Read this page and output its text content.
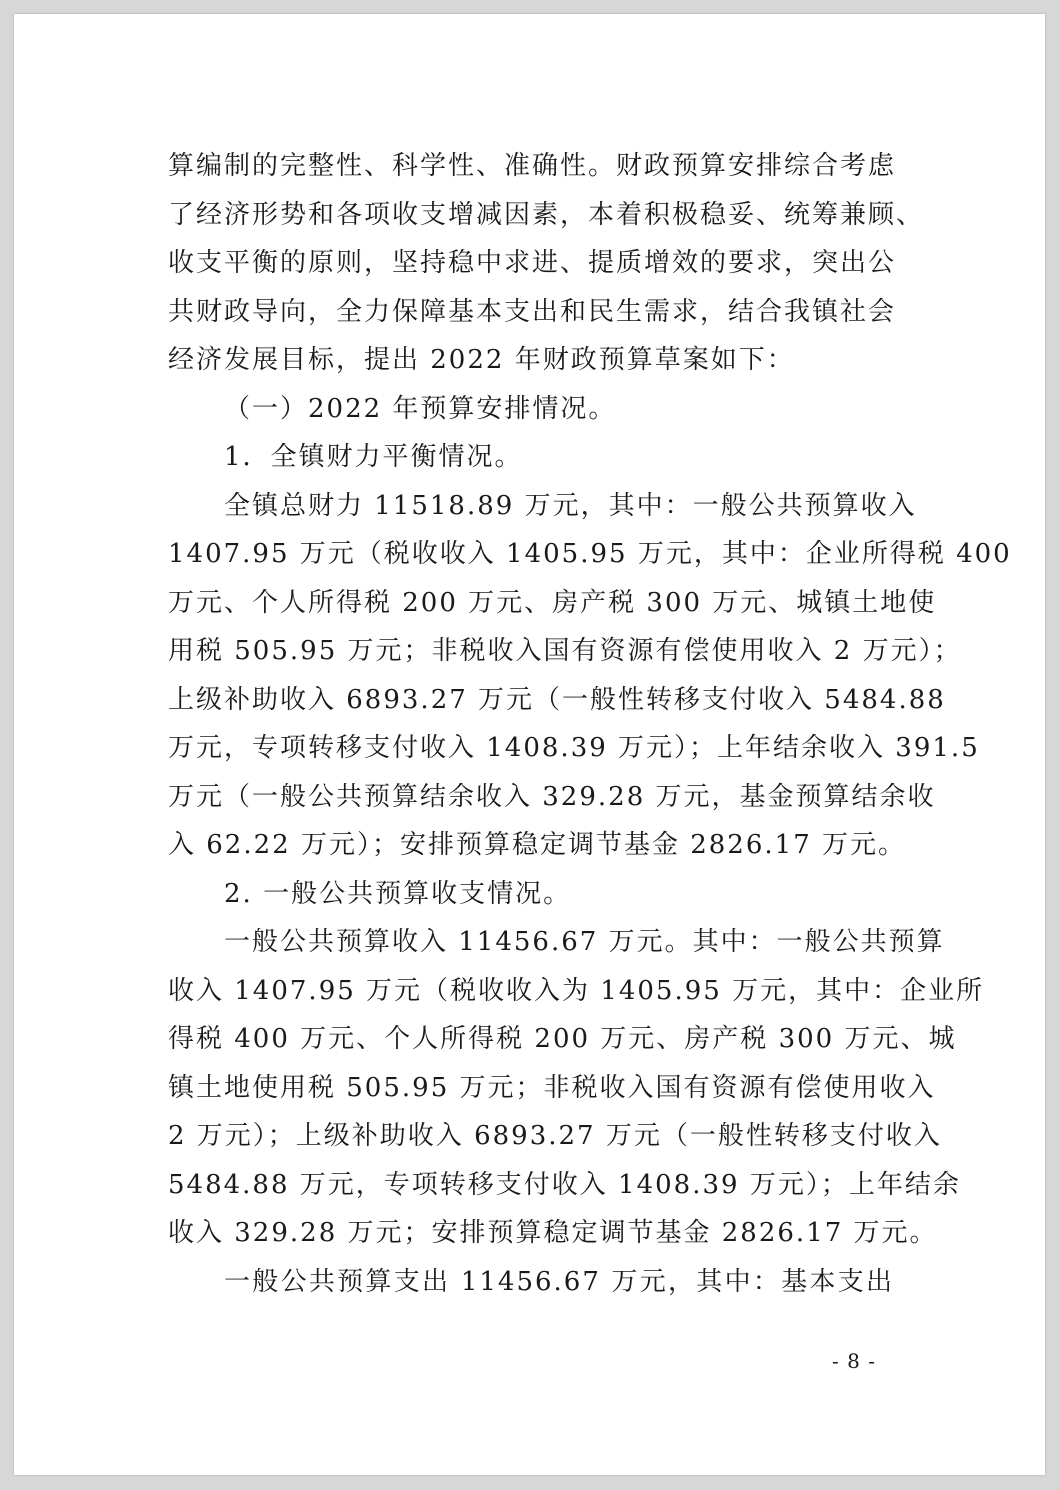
算编制的完整性、科学性、准确性。财政预算安排综合考虑
了经济形势和各项收支增减因素，本着积极稳妥、统筹兼顾、
收支平衡的原则，坚持稳中求进、提质增效的要求，突出公
共财政导向，全力保障基本支出和民生需求，结合我镇社会
经济发展目标，提出 2022 年财政预算草案如下：
（一）2022 年预算安排情况。
1．全镇财力平衡情况。
全镇总财力 11518.89 万元，其中：一般公共预算收入
1407.95 万元（税收收入 1405.95 万元，其中：企业所得税 400
万元、个人所得税 200 万元、房产税 300 万元、城镇土地使
用税 505.95 万元；非税收入国有资源有偿使用收入 2 万元）；
上级补助收入 6893.27 万元（一般性转移支付收入 5484.88
万元，专项转移支付收入 1408.39 万元）；上年结余收入 391.5
万元（一般公共预算结余收入 329.28 万元，基金预算结余收
入 62.22 万元）；安排预算稳定调节基金 2826.17 万元。
2. 一般公共预算收支情况。
一般公共预算收入 11456.67 万元。其中：一般公共预算
收入 1407.95 万元（税收收入为 1405.95 万元，其中：企业所
得税 400 万元、个人所得税 200 万元、房产税 300 万元、城
镇土地使用税 505.95 万元；非税收入国有资源有偿使用收入
2 万元）；上级补助收入 6893.27 万元（一般性转移支付收入
5484.88 万元，专项转移支付收入 1408.39 万元）；上年结余
收入 329.28 万元；安排预算稳定调节基金 2826.17 万元。
一般公共预算支出 11456.67 万元，其中：基本支出
- 8 -
